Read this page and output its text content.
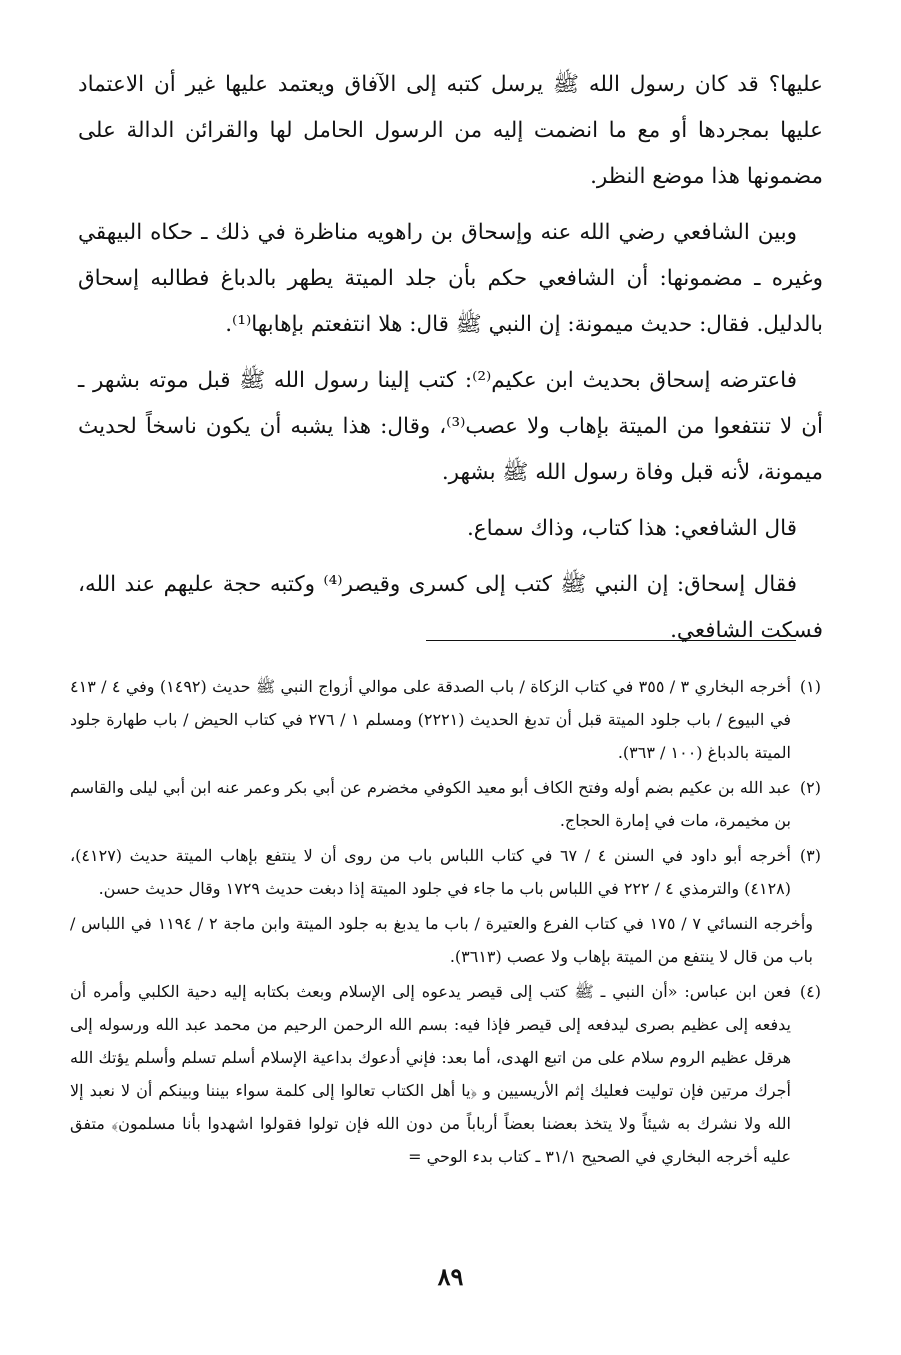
عليها؟ قد كان رسول الله ﷺ يرسل كتبه إلى الآفاق ويعتمد عليها غير أن الاعتماد عليها بمجردها أو مع ما انضمت إليه من الرسول الحامل لها والقرائن الدالة على مضمونها هذا موضع النظر.

وبين الشافعي رضي الله عنه وإسحاق بن راهويه مناظرة في ذلك ـ حكاه البيهقي وغيره ـ مضمونها: أن الشافعي حكم بأن جلد الميتة يطهر بالدباغ فطالبه إسحاق بالدليل. فقال: حديث ميمونة: إن النبي ﷺ قال: هلا انتفعتم بإهابها⁽¹⁾.

فاعترضه إسحاق بحديث ابن عكيم⁽²⁾: كتب إلينا رسول الله ﷺ قبل موته بشهر ـ أن لا تنتفعوا من الميتة بإهاب ولا عصب⁽³⁾، وقال: هذا يشبه أن يكون ناسخاً لحديث ميمونة، لأنه قبل وفاة رسول الله ﷺ بشهر.

قال الشافعي: هذا كتاب، وذاك سماع.

فقال إسحاق: إن النبي ﷺ كتب إلى كسرى وقيصر⁽⁴⁾ وكتبه حجة عليهم عند الله، فسكت الشافعي.

(١)
أخرجه البخاري ٣ / ٣٥٥ في كتاب الزكاة / باب الصدقة على موالي أزواج النبي ﷺ حديث (١٤٩٢) وفي ٤ / ٤١٣ في البيوع / باب جلود الميتة قبل أن تدبغ الحديث (٢٢٢١) ومسلم ١ / ٢٧٦ في كتاب الحيض / باب طهارة جلود الميتة بالدباغ (١٠٠ / ٣٦٣).
(٢)
عبد الله بن عكيم بضم أوله وفتح الكاف أبو معيد الكوفي مخضرم عن أبي بكر وعمر عنه ابن أبي ليلى والقاسم بن مخيمرة، مات في إمارة الحجاج.
(٣)
أخرجه أبو داود في السنن ٤ / ٦٧ في كتاب اللباس باب من روى أن لا ينتفع بإهاب الميتة حديث (٤١٢٧)، (٤١٢٨) والترمذي ٤ / ٢٢٢ في اللباس باب ما جاء في جلود الميتة إذا دبغت حديث ١٧٢٩ وقال حديث حسن.
وأخرجه النسائي ٧ / ١٧٥ في كتاب الفرع والعتيرة / باب ما يدبغ به جلود الميتة وابن ماجة ٢ / ١١٩٤ في اللباس / باب من قال لا ينتفع من الميتة بإهاب ولا عصب (٣٦١٣).
(٤)
فعن ابن عباس: «أن النبي ـ ﷺ كتب إلى قيصر يدعوه إلى الإسلام وبعث بكتابه إليه دحية الكلبي وأمره أن يدفعه إلى عظيم بصرى ليدفعه إلى قيصر فإذا فيه: بسم الله الرحمن الرحيم من محمد عبد الله ورسوله إلى هرقل عظيم الروم سلام على من اتبع الهدى، أما بعد: فإني أدعوك بداعية الإسلام أسلم تسلم وأسلم يؤتك الله أجرك مرتين فإن توليت فعليك إثم الأريسيين و ﴿يا أهل الكتاب تعالوا إلى كلمة سواء بيننا وبينكم أن لا نعبد إلا الله ولا نشرك به شيئاً ولا يتخذ بعضنا بعضاً أرباباً من دون الله فإن تولوا فقولوا اشهدوا بأنا مسلمون﴾ متفق عليه أخرجه البخاري في الصحيح ٣١/١ ـ كتاب بدء الوحي =
٨٩
